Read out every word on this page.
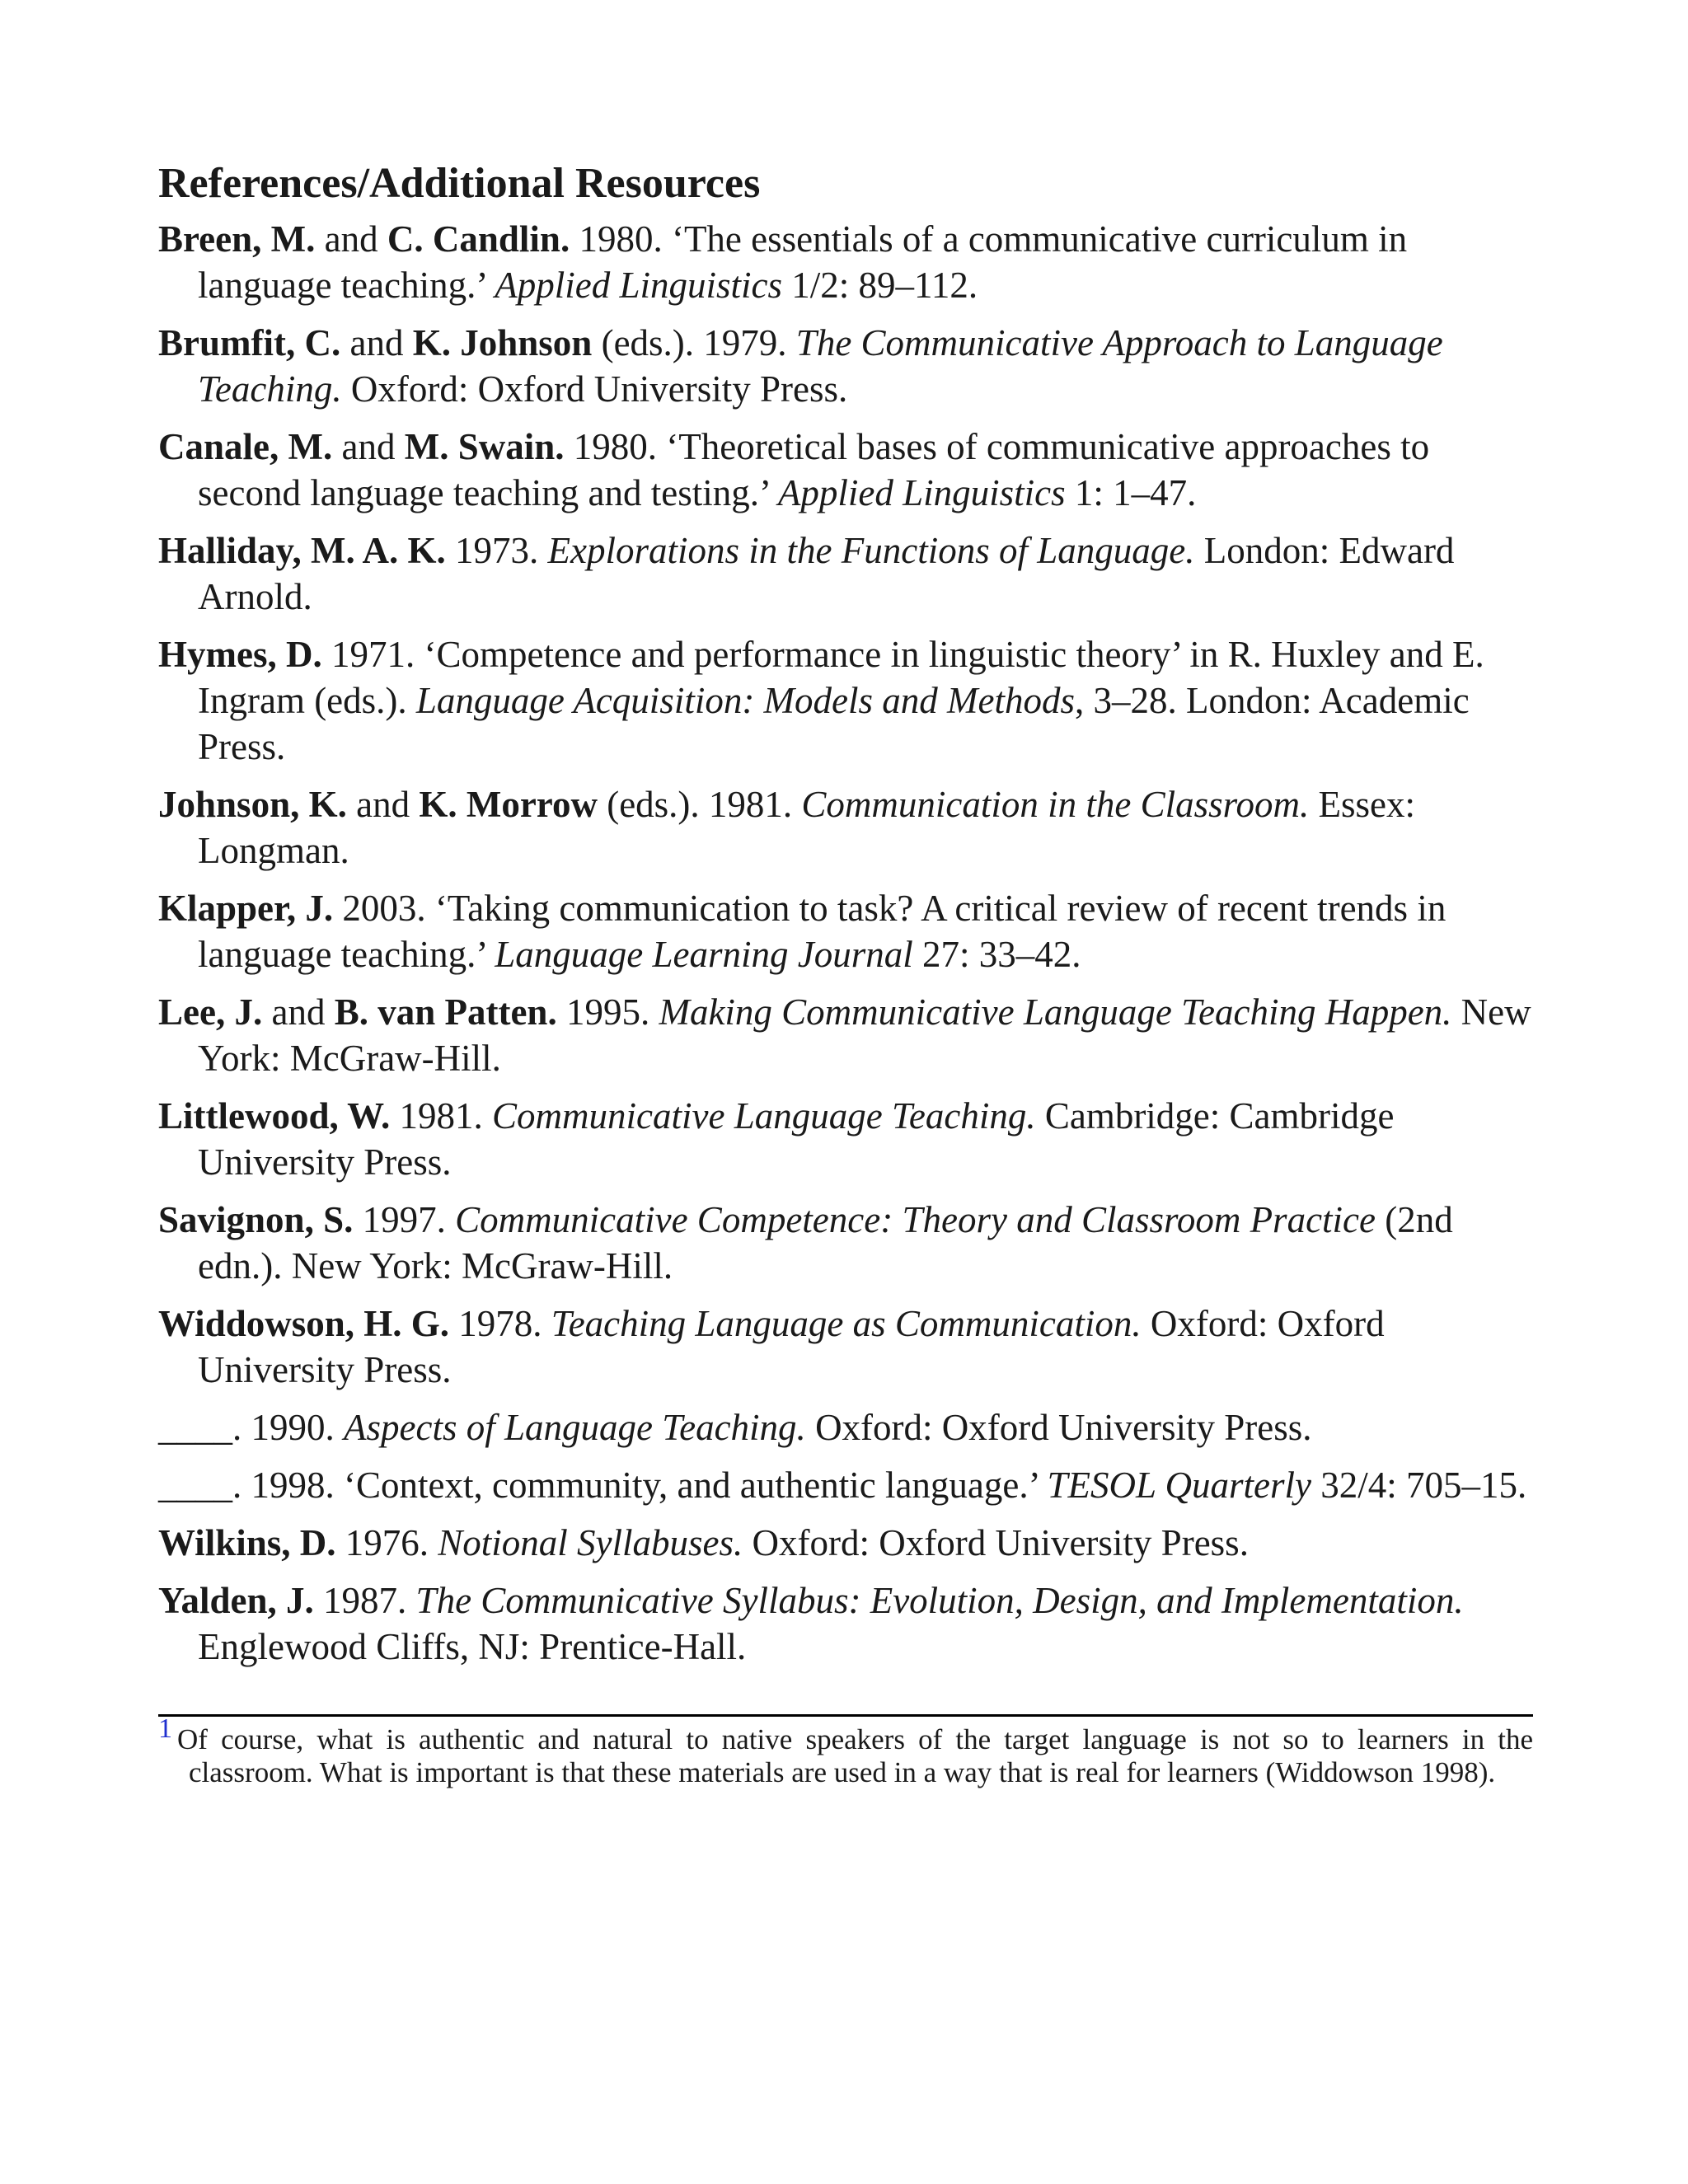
References/Additional Resources
Breen, M. and C. Candlin. 1980. ‘The essentials of a communicative curriculum in language teaching.’ Applied Linguistics 1/2: 89–112.
Brumfit, C. and K. Johnson (eds.). 1979. The Communicative Approach to Language Teaching. Oxford: Oxford University Press.
Canale, M. and M. Swain. 1980. ‘Theoretical bases of communicative approaches to second language teaching and testing.’ Applied Linguistics 1: 1–47.
Halliday, M. A. K. 1973. Explorations in the Functions of Language. London: Edward Arnold.
Hymes, D. 1971. ‘Competence and performance in linguistic theory’ in R. Huxley and E. Ingram (eds.). Language Acquisition: Models and Methods, 3–28. London: Academic Press.
Johnson, K. and K. Morrow (eds.). 1981. Communication in the Classroom. Essex: Longman.
Klapper, J. 2003. ‘Taking communication to task? A critical review of recent trends in language teaching.’ Language Learning Journal 27: 33–42.
Lee, J. and B. van Patten. 1995. Making Communicative Language Teaching Happen. New York: McGraw-Hill.
Littlewood, W. 1981. Communicative Language Teaching. Cambridge: Cambridge University Press.
Savignon, S. 1997. Communicative Competence: Theory and Classroom Practice (2nd edn.). New York: McGraw-Hill.
Widdowson, H. G. 1978. Teaching Language as Communication. Oxford: Oxford University Press.
____. 1990. Aspects of Language Teaching. Oxford: Oxford University Press.
____. 1998. ‘Context, community, and authentic language.’ TESOL Quarterly 32/4: 705–15.
Wilkins, D. 1976. Notional Syllabuses. Oxford: Oxford University Press.
Yalden, J. 1987. The Communicative Syllabus: Evolution, Design, and Implementation. Englewood Cliffs, NJ: Prentice-Hall.
$^1$ Of course, what is authentic and natural to native speakers of the target language is not so to learners in the classroom. What is important is that these materials are used in a way that is real for learners (Widdowson 1998).
